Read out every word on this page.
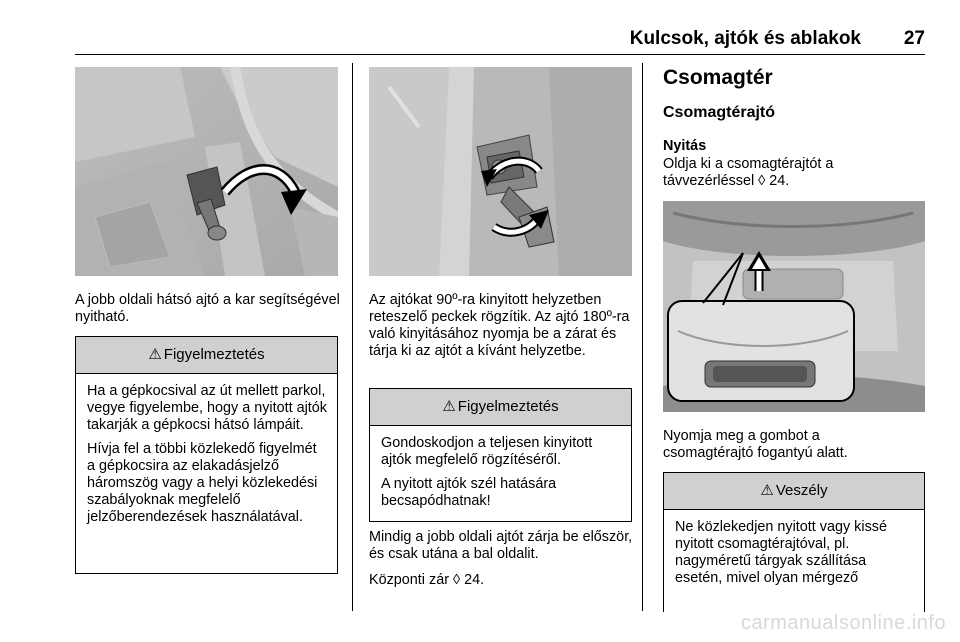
Kulcsok, ajtók és ablakok 27
A jobb oldali hátsó ajtó a kar segítségével nyitható.
⚠ Figyelmeztetés

Ha a gépkocsival az út mellett parkol, vegye figyelembe, hogy a nyitott ajtók takarják a gépkocsi hátsó lámpáit.

Hívja fel a többi közlekedő figyelmét a gépkocsira az elakadásjelző háromszög vagy a helyi közlekedési szabályoknak megfelelő jelzőberendezések használatával.

Az ajtókat 90º-ra kinyitott helyzetben reteszelő peckek rögzítik. Az ajtó 180º-ra való kinyitásához nyomja be a zárat és tárja ki az ajtót a kívánt helyzetbe.
⚠ Figyelmeztetés

Gondoskodjon a teljesen kinyitott ajtók megfelelő rögzítéséről.

A nyitott ajtók szél hatására becsapódhatnak!

Mindig a jobb oldali ajtót zárja be először, és csak utána a bal oldalit.
Központi zár ◊ 24.
Csomagtér
Csomagtérajtó
Nyitás
Oldja ki a csomagtérajtót a távvezérléssel ◊ 24.
Nyomja meg a gombot a csomagtérajtó fogantyú alatt.
⚠ Veszély

Ne közlekedjen nyitott vagy kissé nyitott csomagtérajtóval, pl. nagyméretű tárgyak szállítása esetén, mivel olyan mérgező

carmanualsonline.info
